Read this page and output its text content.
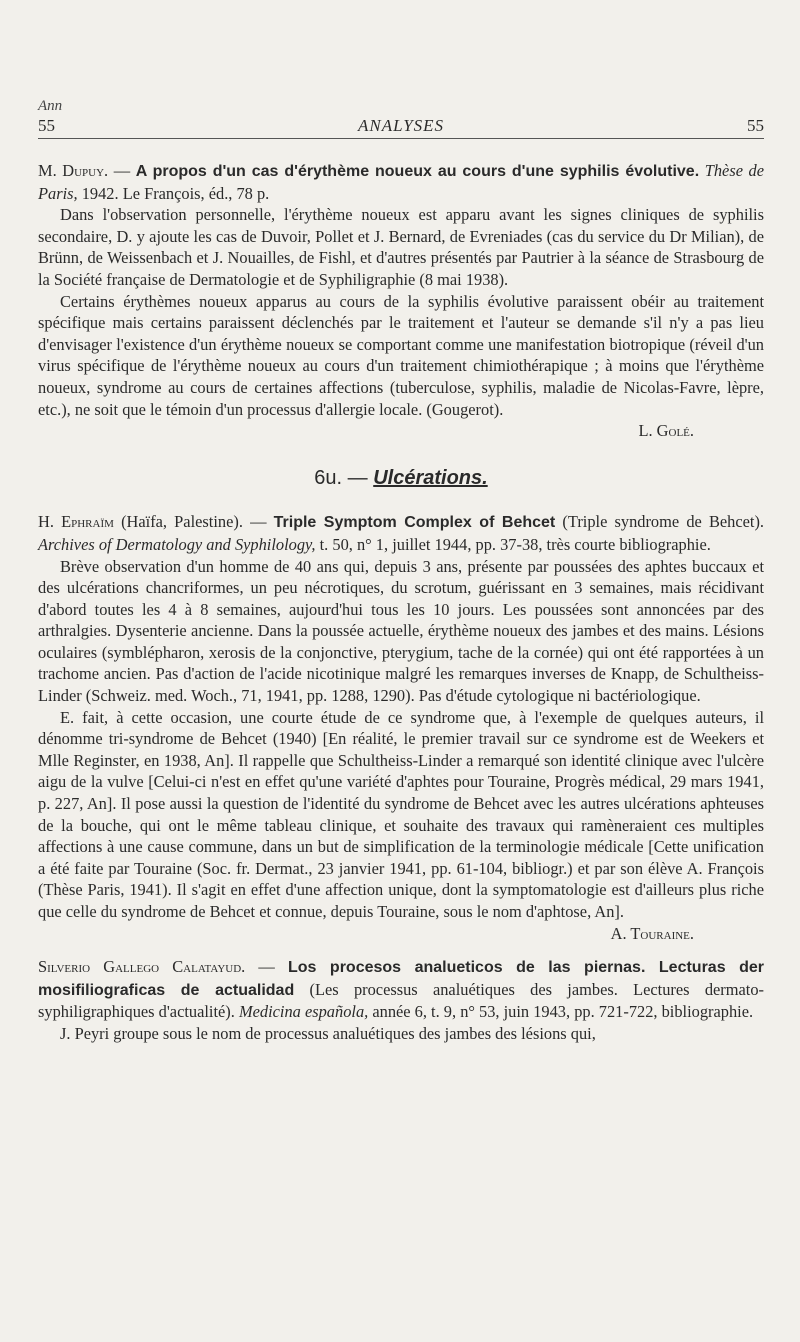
Ann
55	ANALYSES	55

M. Dupuy. — A propos d'un cas d'érythème noueux au cours d'une syphilis évolutive. Thèse de Paris, 1942. Le François, éd., 78 p.

Dans l'observation personnelle, l'érythème noueux est apparu avant les signes cliniques de syphilis secondaire, D. y ajoute les cas de Duvoir, Pollet et J. Bernard, de Evreniades (cas du service du Dr Milian), de Brünn, de Weissenbach et J. Nouailles, de Fishl, et d'autres présentés par Pautrier à la séance de Strasbourg de la Société française de Dermatologie et de Syphiligraphie (8 mai 1938).

Certains érythèmes noueux apparus au cours de la syphilis évolutive paraissent obéir au traitement spécifique mais certains paraissent déclenchés par le traitement et l'auteur se demande s'il n'y a pas lieu d'envisager l'existence d'un érythème noueux se comportant comme une manifestation biotropique (réveil d'un virus spécifique de l'érythème noueux au cours d'un traitement chimiothérapique ; à moins que l'érythème noueux, syndrome au cours de certaines affections (tuberculose, syphilis, maladie de Nicolas-Favre, lèpre, etc.), ne soit que le témoin d'un processus d'allergie locale. (Gougerot).

L. Golé.

6u. — Ulcérations.

H. Ephraïm (Haïfa, Palestine). — Triple Symptom Complex of Behcet (Triple syndrome de Behcet). Archives of Dermatology and Syphilology, t. 50, n° 1, juillet 1944, pp. 37-38, très courte bibliographie.

Brève observation d'un homme de 40 ans qui, depuis 3 ans, présente par poussées des aphtes buccaux et des ulcérations chancriformes, un peu nécrotiques, du scrotum, guérissant en 3 semaines, mais récidivant d'abord toutes les 4 à 8 semaines, aujourd'hui tous les 10 jours. Les poussées sont annoncées par des arthralgies. Dysenterie ancienne. Dans la poussée actuelle, érythème noueux des jambes et des mains. Lésions oculaires (symblépharon, xerosis de la conjonctive, pterygium, tache de la cornée) qui ont été rapportées à un trachome ancien. Pas d'action de l'acide nicotinique malgré les remarques inverses de Knapp, de Schultheiss-Linder (Schweiz. med. Woch., 71, 1941, pp. 1288, 1290). Pas d'étude cytologique ni bactériologique.

E. fait, à cette occasion, une courte étude de ce syndrome que, à l'exemple de quelques auteurs, il dénomme tri-syndrome de Behcet (1940) [En réalité, le premier travail sur ce syndrome est de Weekers et Mlle Reginster, en 1938, An]. Il rappelle que Schultheiss-Linder a remarqué son identité clinique avec l'ulcère aigu de la vulve [Celui-ci n'est en effet qu'une variété d'aphtes pour Touraine, Progrès médical, 29 mars 1941, p. 227, An]. Il pose aussi la question de l'identité du syndrome de Behcet avec les autres ulcérations aphteuses de la bouche, qui ont le même tableau clinique, et souhaite des travaux qui ramèneraient ces multiples affections à une cause commune, dans un but de simplification de la terminologie médicale [Cette unification a été faite par Touraine (Soc. fr. Dermat., 23 janvier 1941, pp. 61-104, bibliogr.) et par son élève A. François (Thèse Paris, 1941). Il s'agit en effet d'une affection unique, dont la symptomatologie est d'ailleurs plus riche que celle du syndrome de Behcet et connue, depuis Touraine, sous le nom d'aphtose, An].

A. Touraine.

Silverio Gallego Calatayud. — Los procesos analueticos de las piernas. Lecturas der mosifiliograficas de actualidad (Les processus analuétiques des jambes. Lectures dermato-syphiligraphiques d'actualité). Medicina española, année 6, t. 9, n° 53, juin 1943, pp. 721-722, bibliographie.

J. Peyri groupe sous le nom de processus analuétiques des jambes des lésions qui,
